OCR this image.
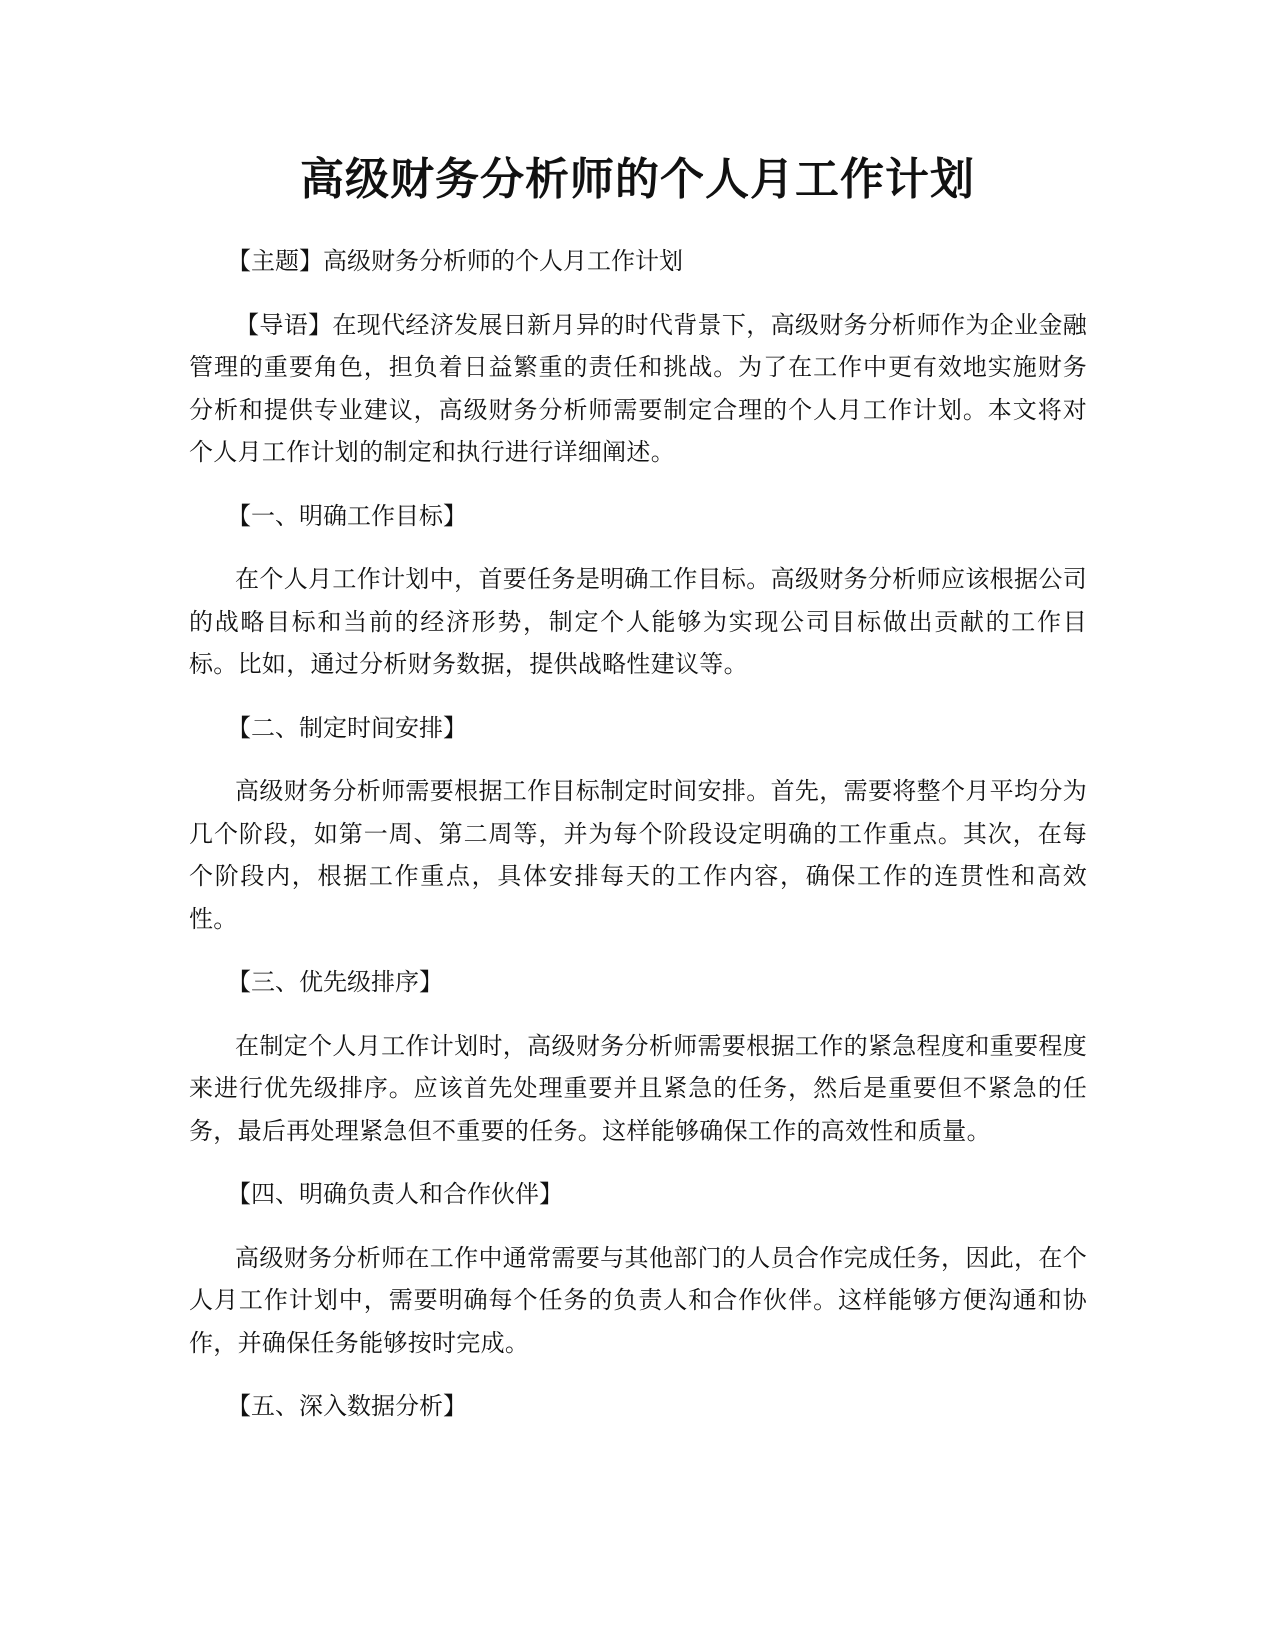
高级财务分析师的个人月工作计划

【主题】高级财务分析师的个人月工作计划

【导语】在现代经济发展日新月异的时代背景下，高级财务分析师作为企业金融管理的重要角色，担负着日益繁重的责任和挑战。为了在工作中更有效地实施财务分析和提供专业建议，高级财务分析师需要制定合理的个人月工作计划。本文将对个人月工作计划的制定和执行进行详细阐述。

【一、明确工作目标】

在个人月工作计划中，首要任务是明确工作目标。高级财务分析师应该根据公司的战略目标和当前的经济形势，制定个人能够为实现公司目标做出贡献的工作目标。比如，通过分析财务数据，提供战略性建议等。

【二、制定时间安排】

高级财务分析师需要根据工作目标制定时间安排。首先，需要将整个月平均分为几个阶段，如第一周、第二周等，并为每个阶段设定明确的工作重点。其次，在每个阶段内，根据工作重点，具体安排每天的工作内容，确保工作的连贯性和高效性。

【三、优先级排序】

在制定个人月工作计划时，高级财务分析师需要根据工作的紧急程度和重要程度来进行优先级排序。应该首先处理重要并且紧急的任务，然后是重要但不紧急的任务，最后再处理紧急但不重要的任务。这样能够确保工作的高效性和质量。

【四、明确负责人和合作伙伴】

高级财务分析师在工作中通常需要与其他部门的人员合作完成任务，因此，在个人月工作计划中，需要明确每个任务的负责人和合作伙伴。这样能够方便沟通和协作，并确保任务能够按时完成。

【五、深入数据分析】
